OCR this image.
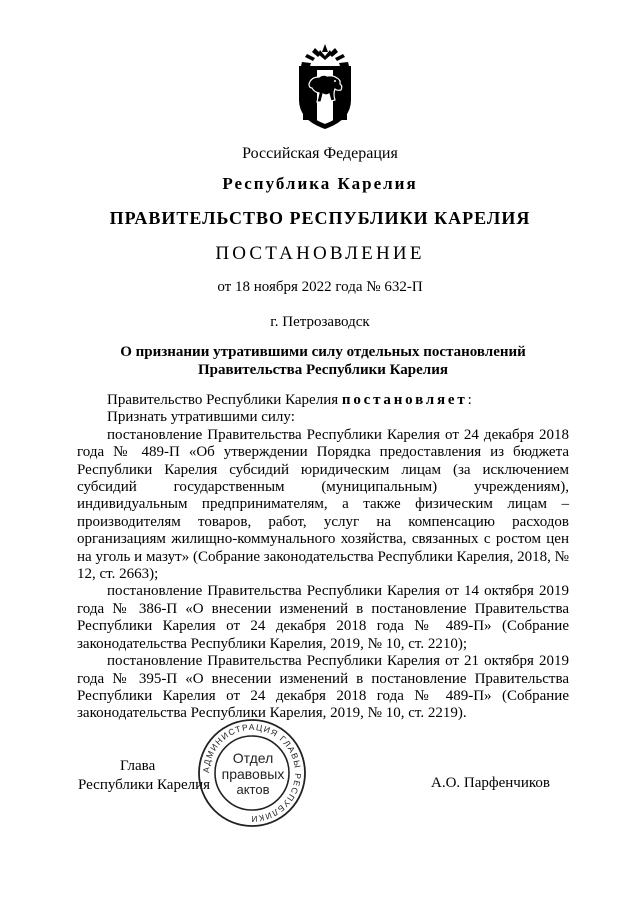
Российская Федерация
Республика Карелия
ПРАВИТЕЛЬСТВО РЕСПУБЛИКИ КАРЕЛИЯ
ПОСТАНОВЛЕНИЕ
от 18 ноября 2022 года № 632-П
г. Петрозаводск
О признании утратившими силу отдельных постановлений
Правительства Республики Карелия

Правительство Республики Карелия постановляет:

Признать утратившими силу:

постановление Правительства Республики Карелия от 24 декабря 2018 года № 489-П «Об утверждении Порядка предоставления из бюджета Республики Карелия субсидий юридическим лицам (за исключением субсидий государственным (муниципальным) учреждениям), индивидуальным предпринимателям, а также физическим лицам – производителям товаров, работ, услуг на компенсацию расходов организациям жилищно-коммунального хозяйства, связанных с ростом цен на уголь и мазут» (Собрание законодательства Республики Карелия, 2018, № 12, ст. 2663);

постановление Правительства Республики Карелия от 14 октября 2019 года № 386-П «О внесении изменений в постановление Правительства Республики Карелия от 24 декабря 2018 года № 489-П» (Собрание законодательства Республики Карелия, 2019, № 10, ст. 2210);

постановление Правительства Республики Карелия от 21 октября 2019 года № 395-П «О внесении изменений в постановление Правительства Республики Карелия от 24 декабря 2018 года № 489-П» (Собрание законодательства Республики Карелия, 2019, № 10, ст. 2219).

Глава
Республики Карелия
АДМИНИСТРАЦИЯ ГЛАВЫ РЕСПУБЛИКИ
Отдел
правовых
актов	А.О. Парфенчиков
